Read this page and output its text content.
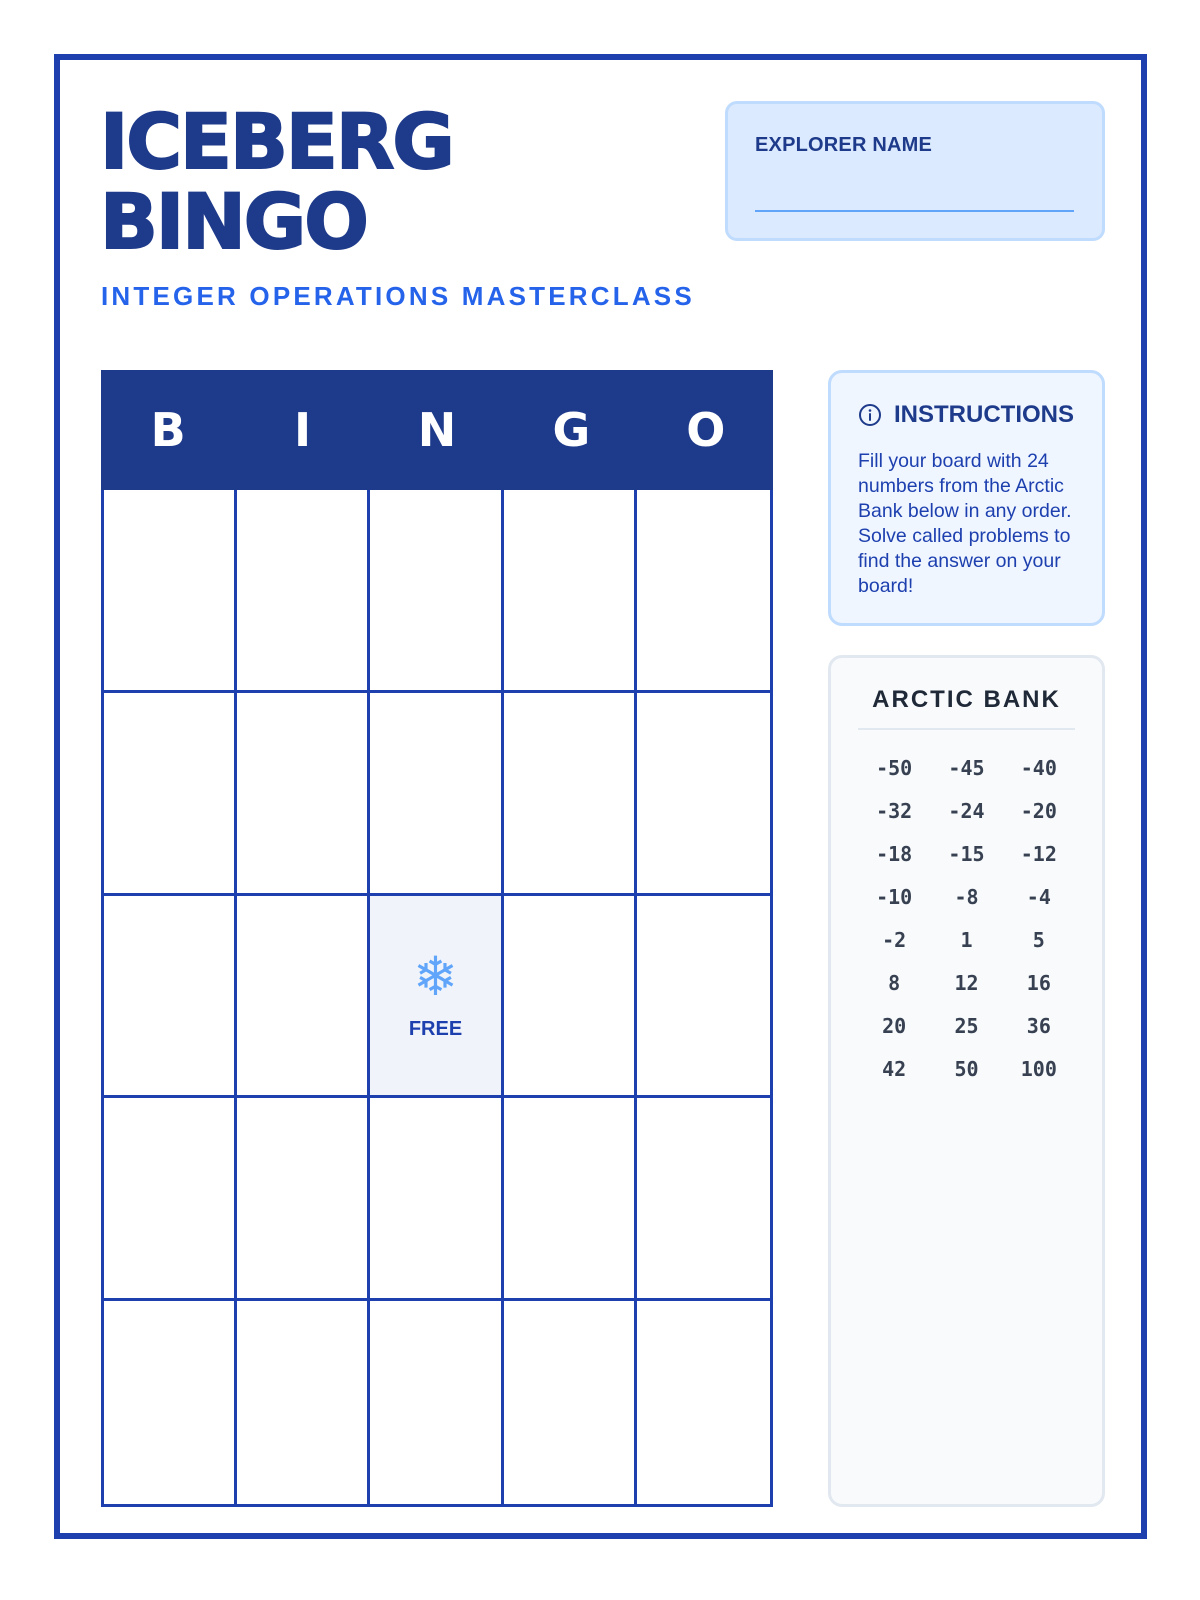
ICEBERG
BINGO
INTEGER OPERATIONS MASTERCLASS
EXPLORER NAME
B	I	N	G	O
❄
FREE
INSTRUCTIONS
Fill your board with 24 numbers from the Arctic Bank below in any order. Solve called problems to find the answer on your board!
ARCTIC BANK
-50	-45	-40
-32	-24	-20
-18	-15	-12
-10	-8	-4
-2	1	5
8	12	16
20	25	36
42	50	100
